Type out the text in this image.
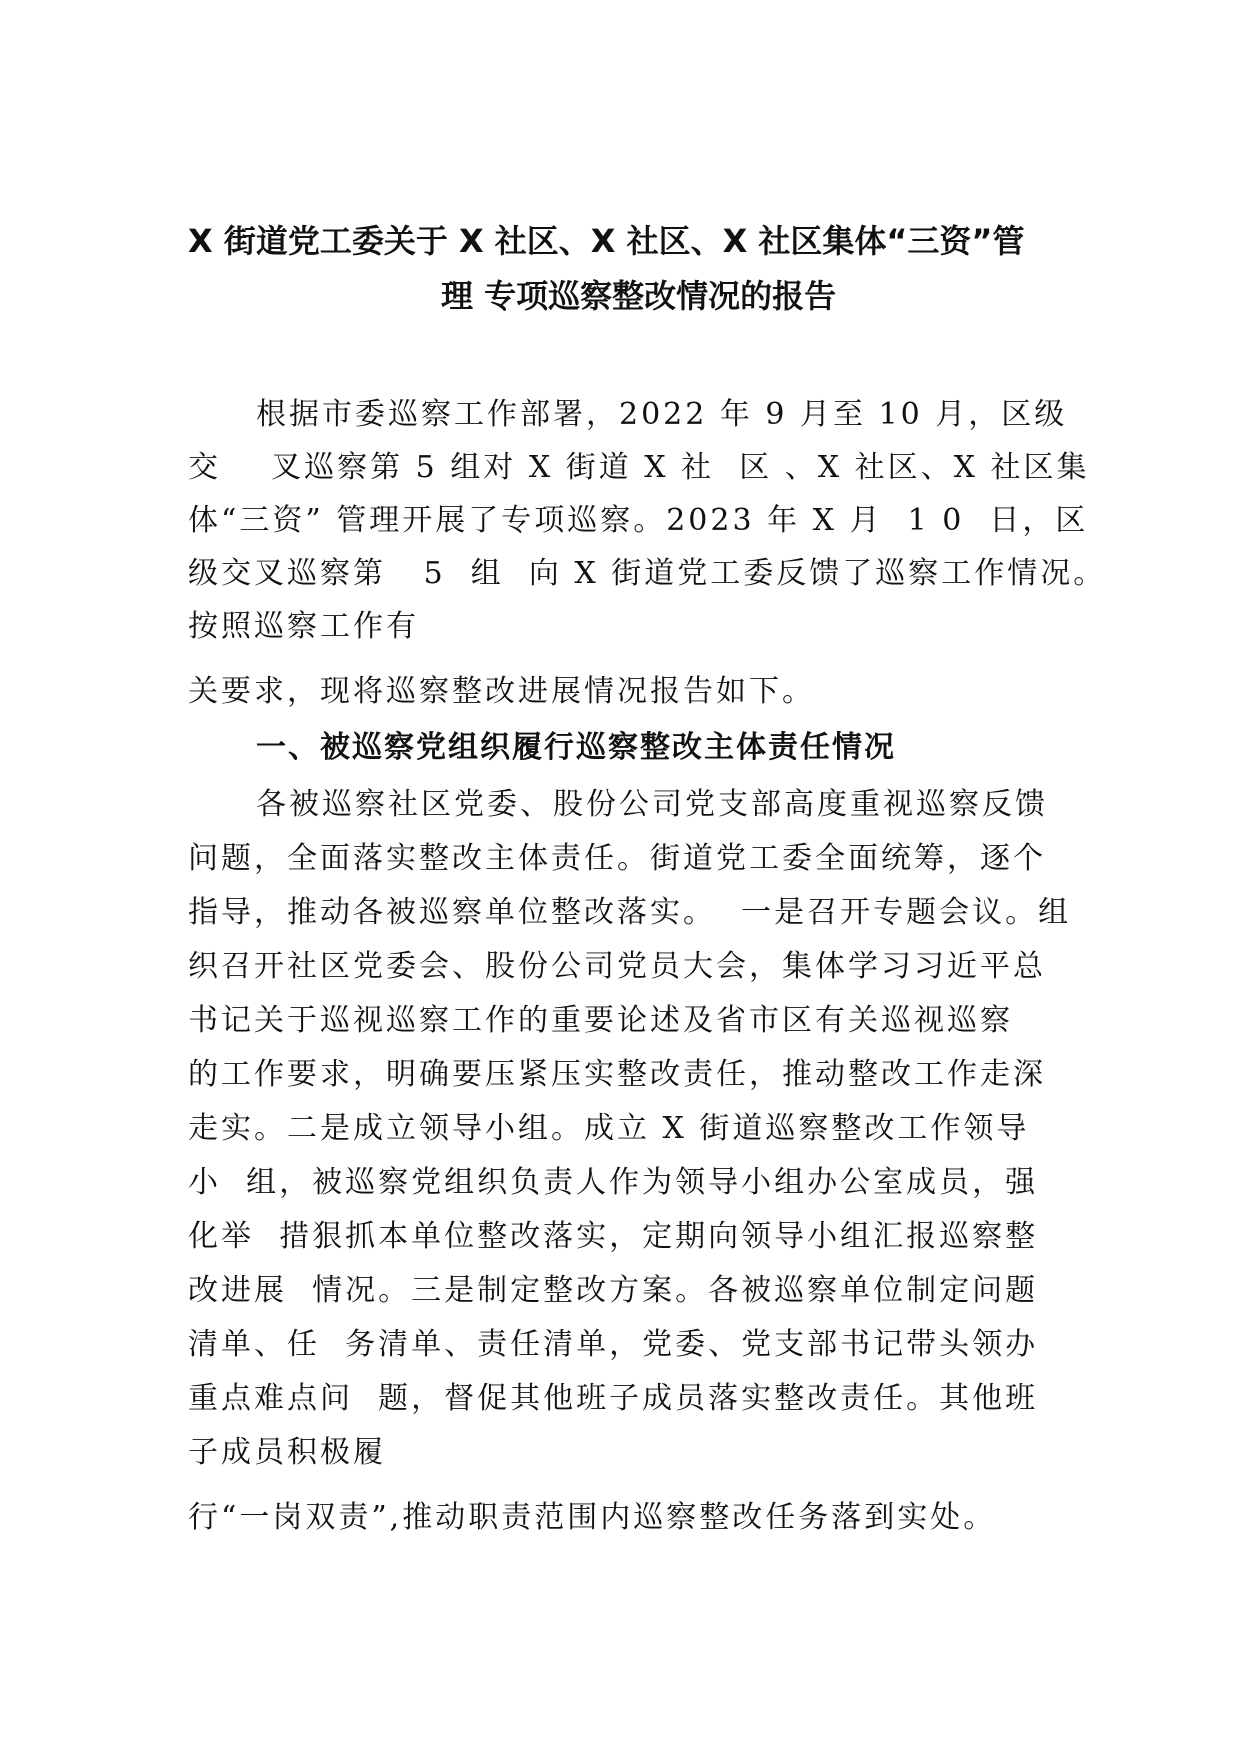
X 街道党工委关于 X 社区、X 社区、X 社区集体“三资”管
理 专项巡察整改情况的报告
根据市委巡察工作部署，2022 年 9 月至 10 月，区级
交    叉巡察第 5 组对 X 街道 X 社  区 、X 社区、X 社区集
体“三资” 管理开展了专项巡察。2023 年 X 月  1 0  日，区
级交叉巡察第   5  组  向 X 街道党工委反馈了巡察工作情况。
按照巡察工作有
关要求，现将巡察整改进展情况报告如下。
一、被巡察党组织履行巡察整改主体责任情况
各被巡察社区党委、股份公司党支部高度重视巡察反馈
问题，全面落实整改主体责任。街道党工委全面统筹，逐个
指导，推动各被巡察单位整改落实。  一是召开专题会议。组
织召开社区党委会、股份公司党员大会，集体学习习近平总
书记关于巡视巡察工作的重要论述及省市区有关巡视巡察
的工作要求，明确要压紧压实整改责任，推动整改工作走深
走实。二是成立领导小组。成立 X 街道巡察整改工作领导
小  组，被巡察党组织负责人作为领导小组办公室成员，强
化举  措狠抓本单位整改落实，定期向领导小组汇报巡察整
改进展  情况。三是制定整改方案。各被巡察单位制定问题
清单、任  务清单、责任清单，党委、党支部书记带头领办
重点难点问  题，督促其他班子成员落实整改责任。其他班
子成员积极履
行“一岗双责”,推动职责范围内巡察整改任务落到实处。
